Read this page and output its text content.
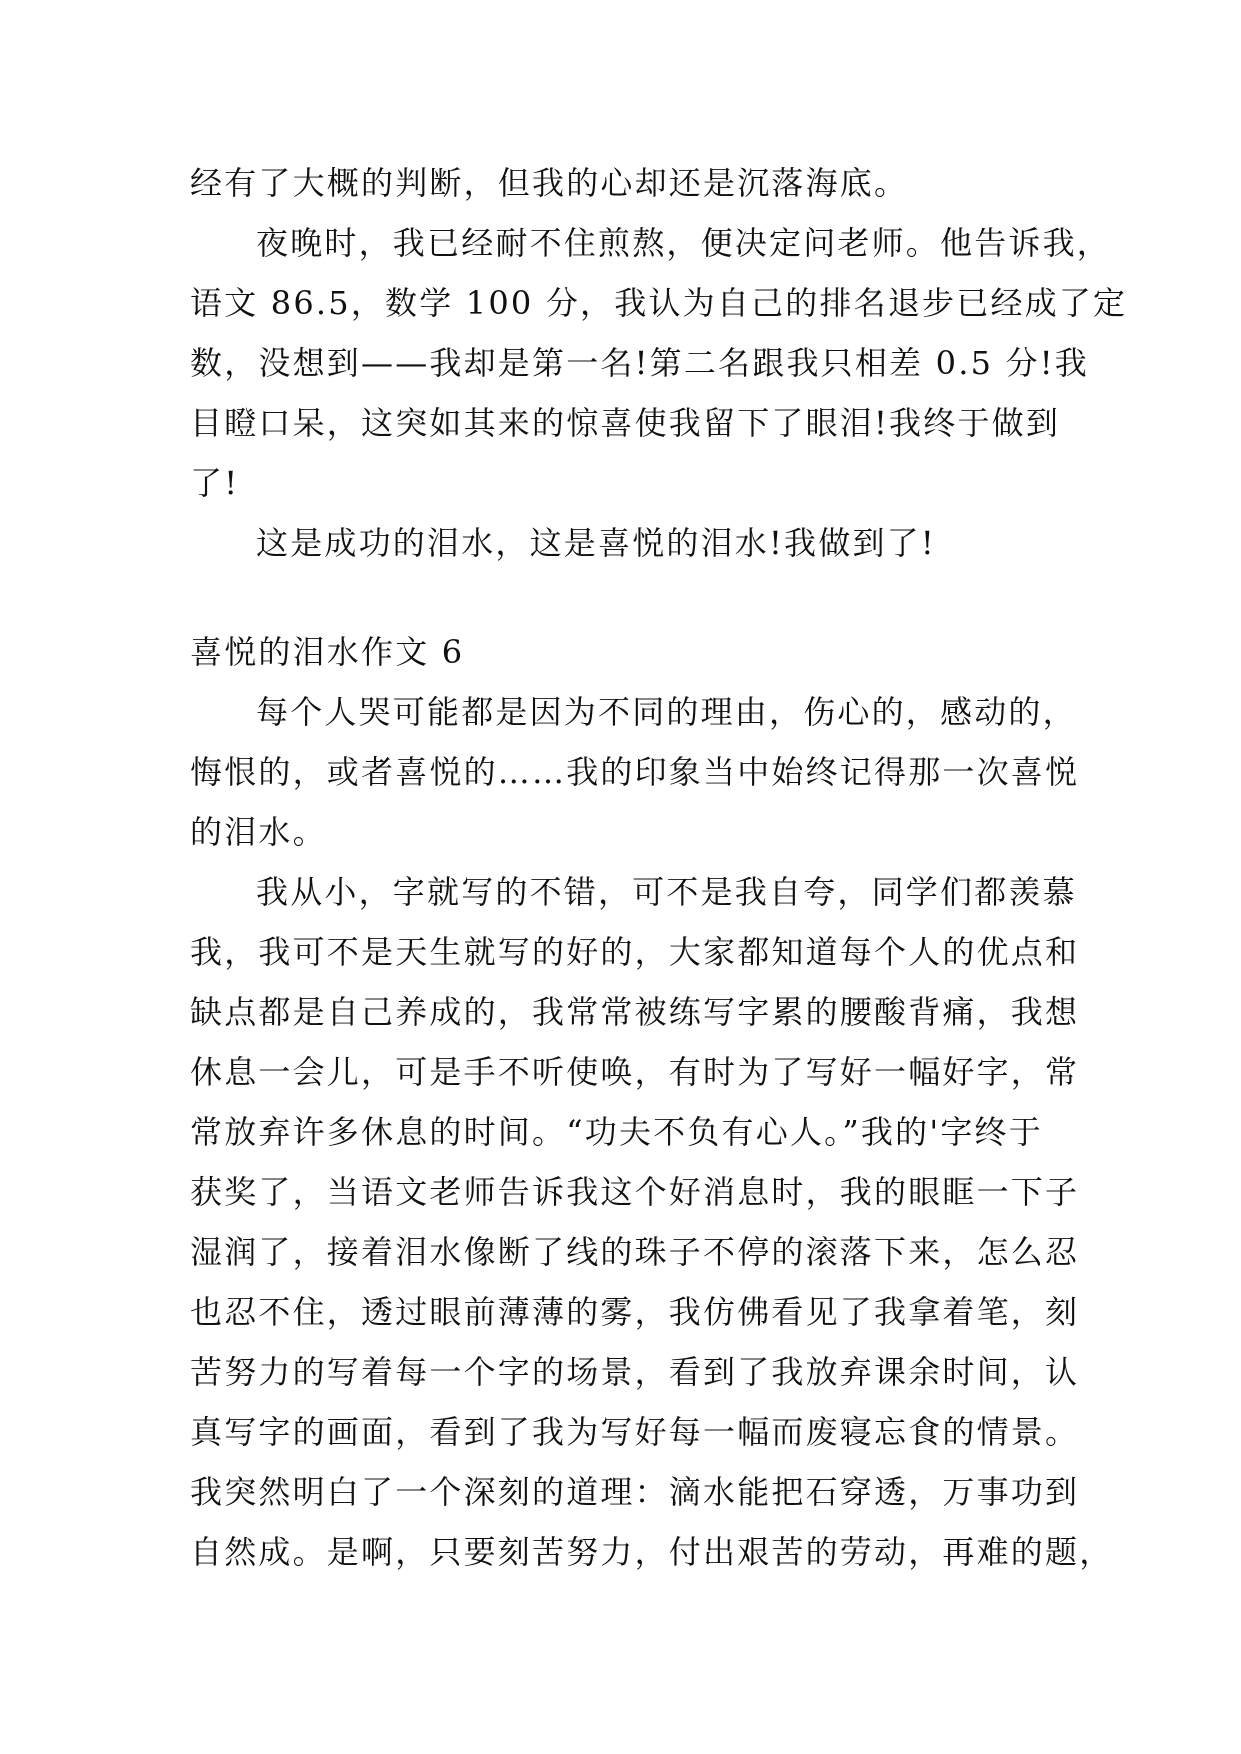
经有了大概的判断，但我的心却还是沉落海底。
夜晚时，我已经耐不住煎熬，便决定问老师。他告诉我，
语文 86.5，数学 100 分，我认为自己的排名退步已经成了定
数，没想到——我却是第一名!第二名跟我只相差 0.5 分!我
目瞪口呆，这突如其来的惊喜使我留下了眼泪!我终于做到
了!
这是成功的泪水，这是喜悦的泪水!我做到了!
喜悦的泪水作文 6
每个人哭可能都是因为不同的理由，伤心的，感动的，
悔恨的，或者喜悦的……我的印象当中始终记得那一次喜悦
的泪水。
我从小，字就写的不错，可不是我自夸，同学们都羡慕
我，我可不是天生就写的好的，大家都知道每个人的优点和
缺点都是自己养成的，我常常被练写字累的腰酸背痛，我想
休息一会儿，可是手不听使唤，有时为了写好一幅好字，常
常放弃许多休息的时间。“功夫不负有心人。”我的'字终于
获奖了，当语文老师告诉我这个好消息时，我的眼眶一下子
湿润了，接着泪水像断了线的珠子不停的滚落下来，怎么忍
也忍不住，透过眼前薄薄的雾，我仿佛看见了我拿着笔，刻
苦努力的写着每一个字的场景，看到了我放弃课余时间，认
真写字的画面，看到了我为写好每一幅而废寝忘食的情景。
我突然明白了一个深刻的道理：滴水能把石穿透，万事功到
自然成。是啊，只要刻苦努力，付出艰苦的劳动，再难的题，
